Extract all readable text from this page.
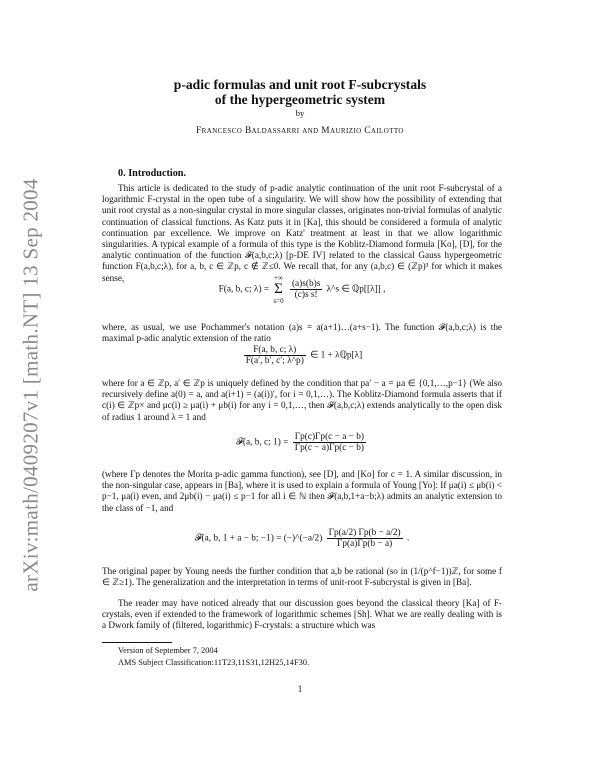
arXiv:math/0409207v1 [math.NT] 13 Sep 2004
p-adic formulas and unit root F-subcrystals
of the hypergeometric system
by
Francesco Baldassarri and Maurizio Cailotto
0. Introduction.
This article is dedicated to the study of p-adic analytic continuation of the unit root F-subcrystal of a logarithmic F-crystal in the open tube of a singularity. We will show how the possibility of extending that unit root crystal as a non-singular crystal in more singular classes, originates non-trivial formulas of analytic continuation of classical functions. As Katz puts it in [Ka], this should be considered a formula of analytic continuation par excellence. We improve on Katz' treatment at least in that we allow logarithmic singularities. A typical example of a formula of this type is the Koblitz-Diamond formula [Ko], [D], for the analytic continuation of the function 𝓕(a,b,c;λ) [p-DE IV] related to the classical Gauss hypergeometric function F(a,b,c;λ), for a, b, c ∈ ℤp, c ∉ ℤ≤0. We recall that, for any (a,b,c) ∈ (ℤp)³ for which it makes sense,
F(a, b, c; λ) =
+∞
Σ
s=0

$\frac{(a)s(b)s}{\text{(c)s s!}}$ λ^s ∈ ℚp[[λ]] ,
where, as usual, we use Pochammer's notation (a)s = a(a+1)…(a+s−1). The function 𝓕(a,b,c;λ) is the maximal p-adic analytic extension of the ratio
$\frac{F(a, b, c; \lambda)}{F(a', b', c'; \lambda\^{}p)}$ ∈ 1 + λℚp[λ]
where for a ∈ ℤp, a′ ∈ ℤp is uniquely defined by the condition that pa′ − a = μa ∈ {0,1,…,p−1} (We also recursively define a(0) = a, and a(i+1) = (a(i))′, for i = 0,1,…). The Koblitz-Diamond formula asserts that if c(i) ∈ ℤp× and μc(i) ≥ μa(i) + μb(i) for any i = 0,1,…, then 𝓕(a,b,c;λ) extends analytically to the open disk of radius 1 around λ = 1 and
𝓕(a, b, c; $1) = \frac{\Gamma p(c)\Gamma p(c - a - b)}{\Gamma p(c - a)\Gamma p(c - b)}$
(where Γp denotes the Morita p-adic gamma function), see [D], and [Ko] for c = 1. A similar discussion, in the non-singular case, appears in [Ba], where it is used to explain a formula of Young [Yo]: If μa(i) ≤ μb(i) < p−1, μa(i) even, and 2μb(i) − μa(i) ≤ p−1 for all i ∈ ℕ then 𝓕(a,b,1+a−b;λ) admits an analytic extension to the class of −1, and
𝓕(a, b, 1 + a − b; −1) = (−)^(−a/2) $\frac{\Gamma p(a/2) \Gamma p(b - a/2)}{\Gamma p(a)\Gamma p(b - a)}$ .
The original paper by Young needs the further condition that a,b be rational (so in (1/(p^f−1))ℤ, for some f ∈ ℤ≥1). The generalization and the interpretation in terms of unit-root F-subcrystal is given in [Ba].
The reader may have noticed already that our discussion goes beyond the classical theory [Ka] of F-crystals, even if extended to the framework of logarithmic schemes [Sh]. What we are really dealing with is a Dwork family of (filtered, logarithmic) F-crystals: a structure which was
Version of September 7, 2004
AMS Subject Classification:11T23,11S31,12H25,14F30.
1
